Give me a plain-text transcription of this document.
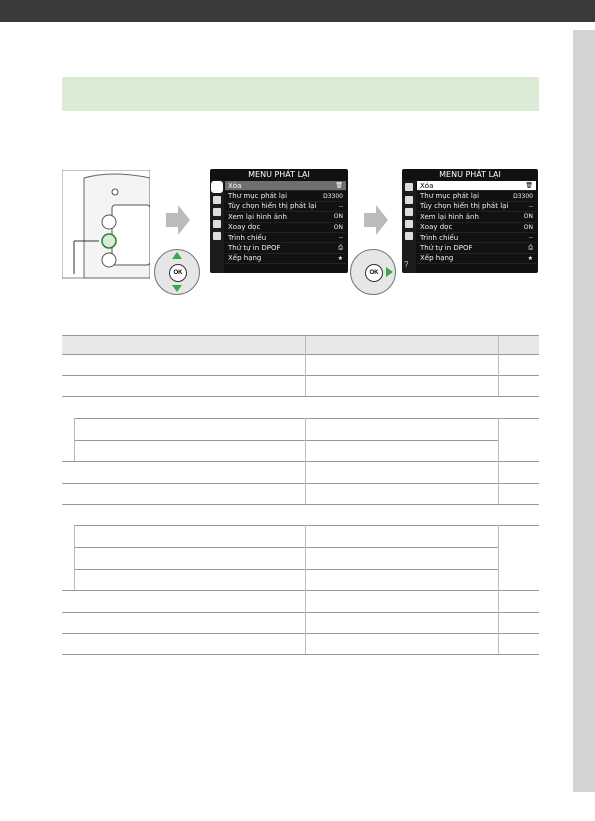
MENU PHÁT LẠI
Xóa	🗑
Thư mục phát lại	D3300
Tùy chọn hiển thị phát lại	--
Xem lại hình ảnh	ON
Xoay dọc	ON
Trình chiếu	--
Thứ tự in DPOF	⎙
Xếp hạng	★
OK
MENU PHÁT LẠI
?
Xóa	🗑
Thư mục phát lại	D3300
Tùy chọn hiển thị phát lại	--
Xem lại hình ảnh	ON
Xoay dọc	ON
Trình chiếu	--
Thứ tự in DPOF	⎙
Xếp hạng	★
OK
